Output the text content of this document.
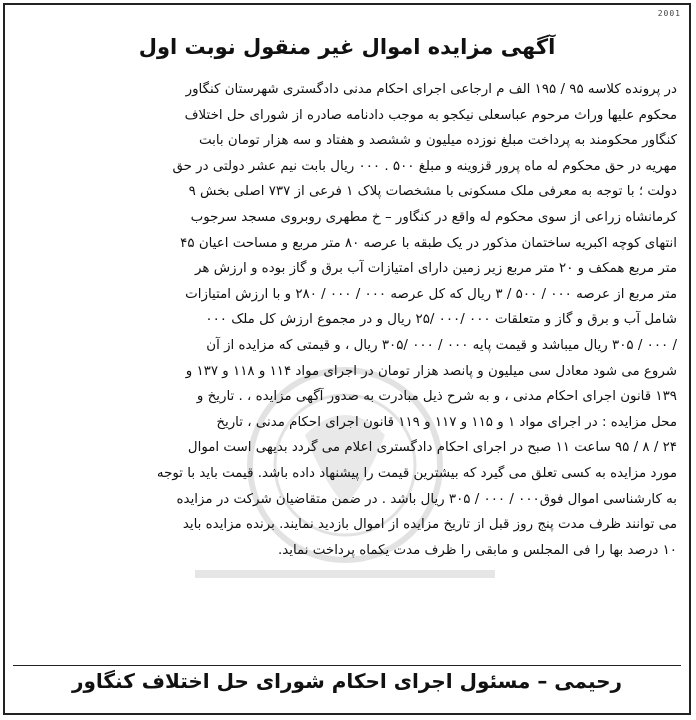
2001
آگهی مزایده اموال غیر منقول نوبت اول
در پرونده کلاسه ۹۵ / ۱۹۵ الف م ارجاعی اجرای احکام مدنی دادگستری شهرستان کنگاور
محکوم علیها وراث مرحوم عباسعلی نیکجو به موجب دادنامه صادره از شورای حل اختلاف
کنگاور محکومند به پرداخت مبلغ نوزده میلیون و ششصد و هفتاد و سه هزار تومان بابت
مهریه در حق محکوم له ماه پرور قزوینه و مبلغ ۵۰۰ . ۰۰۰ ریال بابت نیم عشر دولتی در حق
دولت ؛ با توجه به معرفی ملک مسکونی با مشخصات پلاک ۱ فرعی از ۷۳۷ اصلی بخش ۹
کرمانشاه زراعی از سوی محکوم له واقع در کنگاور – خ مطهری روبروی مسجد سرجوب
انتهای کوچه اکبریه ساختمان مذکور در یک طبقه با عرصه ۸۰ متر مربع و مساحت اعیان ۴۵
متر مربع همکف و ۲۰ متر مربع زیر زمین دارای امتیازات آب برق و گاز بوده و ارزش هر
متر مربع از عرصه ۰۰۰ / ۵۰۰ / ۳ ریال که کل عرصه ۰۰۰ / ۰۰۰ / ۲۸۰ و با ارزش امتیازات
شامل آب و برق و گاز و متعلقات ۰۰۰ /۰۰۰ /۲۵ ریال و در مجموع ارزش کل ملک ۰۰۰
/ ۰۰۰ / ۳۰۵ ریال میباشد و قیمت پایه ۰۰۰ / ۰۰۰ /۳۰۵ ریال ، و قیمتی که مزایده از آن
شروع می شود معادل سی میلیون و پانصد هزار تومان در اجرای مواد ۱۱۴ و ۱۱۸ و ۱۳۷ و
۱۳۹ قانون اجرای احکام مدنی ، و به شرح ذیل مبادرت به صدور آگهی مزایده ، . تاریخ و
محل مزایده : در اجرای مواد ۱ و ۱۱۵ و ۱۱۷ و ۱۱۹ قانون اجرای احکام مدنی ، تاریخ
۲۴ / ۸ / ۹۵ ساعت ۱۱ صبح در اجرای احکام دادگستری اعلام می گردد بدیهی است اموال
مورد مزایده به کسی تعلق می گیرد که بیشترین قیمت را پیشنهاد داده باشد. قیمت باید با توجه
به کارشناسی اموال فوق۰۰۰ / ۰۰۰ / ۳۰۵ ریال باشد . در ضمن متقاضیان شرکت در مزایده
می توانند ظرف مدت پنج روز قبل از تاریخ مزایده از اموال بازدید نمایند. برنده مزایده باید
۱۰ درصد بها را فی المجلس و مابقی را ظرف مدت یکماه پرداخت نماید.
رحیمی – مسئول اجرای احکام شورای حل اختلاف کنگاور
